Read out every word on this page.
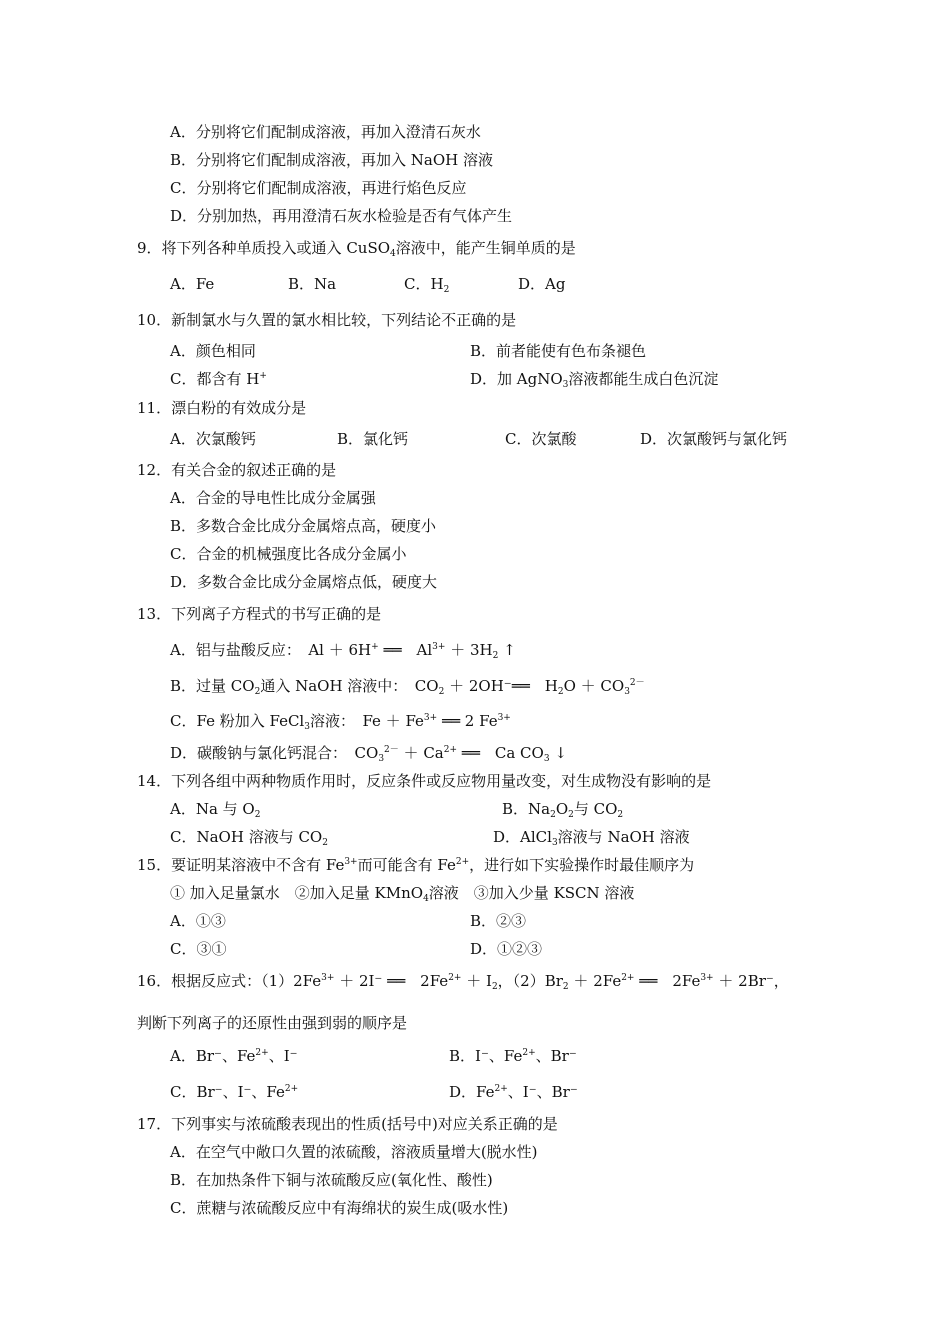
A．分别将它们配制成溶液，再加入澄清石灰水
B．分别将它们配制成溶液，再加入 NaOH 溶液
C．分别将它们配制成溶液，再进行焰色反应
D．分别加热，再用澄清石灰水检验是否有气体产生
9．将下列各种单质投入或通入 CuSO$_4$溶液中，能产生铜单质的是
A．Fe	B．Na	C．$H_2$	D．Ag
10．新制氯水与久置的氯水相比较，下列结论不正确的是
A．颜色相同	B．前者能使有色布条褪色
C．都含有 H+	D．加 AgNO$_3$溶液都能生成白色沉淀
11．漂白粉的有效成分是
A．次氯酸钙	B．氯化钙	C．次氯酸	D．次氯酸钙与氯化钙
12．有关合金的叙述正确的是
A．合金的导电性比成分金属强
B．多数合金比成分金属熔点高，硬度小
C．合金的机械强度比各成分金属小
D．多数合金比成分金属熔点低，硬度大
13．下列离子方程式的书写正确的是
A．铝与盐酸反应：　Al ＋ 6H+ ══　$Al^{3+} + 3H_2$ ↑
B．过量 $CO_2$通入 NaOH 溶液中：　$CO_2$ ＋ 2OH⁻══　$H_2O + CO_3^{2-}$
C．Fe 粉加入 FeCl$_3$溶液：　$Fe + Fe^{3+}$ ══ 2 $Fe^{3+}$
D．碳酸钠与氯化钙混合：　$CO_3^{2-} + Ca^{2+}$ ══　Ca $CO_3$ ↓
14．下列各组中两种物质作用时，反应条件或反应物用量改变，对生成物没有影响的是
A．Na 与 $O_2$	B．$Na_2O_2$与 $CO_2$
C．NaOH 溶液与 $CO_2$	D．AlCl$_3$溶液与 NaOH 溶液
15．要证明某溶液中不含有 $Fe^{3+}$而可能含有 $Fe^{2+}$，进行如下实验操作时最佳顺序为
① 加入足量氯水　②加入足量 KMnO$_4$溶液　③加入少量 KSCN 溶液
A．①③	B．②③
C．③①	D．①②③
16．根据反应式：$(1)2Fe^{3+} + 2I^-$ ══　$2Fe^{2+} + I_2$，$(2)Br_2 + 2Fe^{2+}$ ══　$2Fe^{3+} + 2Br^-$，
判断下列离子的还原性由强到弱的顺序是
A．Br⁻、$Fe^{2+}$、I⁻	B．I⁻、$Fe^{2+}$、Br⁻
C．Br⁻、I⁻、$Fe^{2+}$	D．$Fe^{2+}$、I⁻、Br⁻
17．下列事实与浓硫酸表现出的性质(括号中)对应关系正确的是
A．在空气中敞口久置的浓硫酸，溶液质量增大(脱水性)
B．在加热条件下铜与浓硫酸反应(氧化性、酸性)
C．蔗糖与浓硫酸反应中有海绵状的炭生成(吸水性)
